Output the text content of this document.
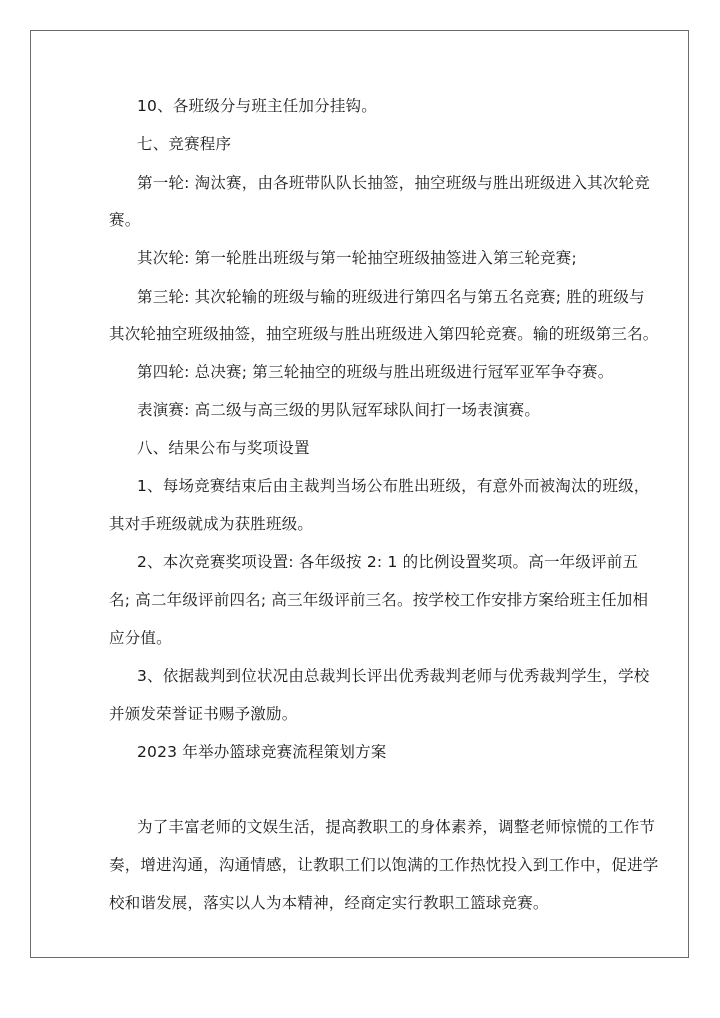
10、各班级分与班主任加分挂钩。
七、竞赛程序
第一轮: 淘汰赛，由各班带队队长抽签，抽空班级与胜出班级进入其次轮竞
赛。
其次轮: 第一轮胜出班级与第一轮抽空班级抽签进入第三轮竞赛;
第三轮: 其次轮输的班级与输的班级进行第四名与第五名竞赛; 胜的班级与
其次轮抽空班级抽签，抽空班级与胜出班级进入第四轮竞赛。输的班级第三名。
第四轮: 总决赛; 第三轮抽空的班级与胜出班级进行冠军亚军争夺赛。
表演赛: 高二级与高三级的男队冠军球队间打一场表演赛。
八、结果公布与奖项设置
1、每场竞赛结束后由主裁判当场公布胜出班级，有意外而被淘汰的班级，
其对手班级就成为获胜班级。
2、本次竞赛奖项设置: 各年级按 2: 1 的比例设置奖项。高一年级评前五
名; 高二年级评前四名; 高三年级评前三名。按学校工作安排方案给班主任加相
应分值。
3、依据裁判到位状况由总裁判长评出优秀裁判老师与优秀裁判学生，学校
并颁发荣誉证书赐予激励。
2023 年举办篮球竞赛流程策划方案
为了丰富老师的文娱生活，提高教职工的身体素养，调整老师惊慌的工作节
奏，增进沟通，沟通情感，让教职工们以饱满的工作热忱投入到工作中，促进学
校和谐发展，落实以人为本精神，经商定实行教职工篮球竞赛。
